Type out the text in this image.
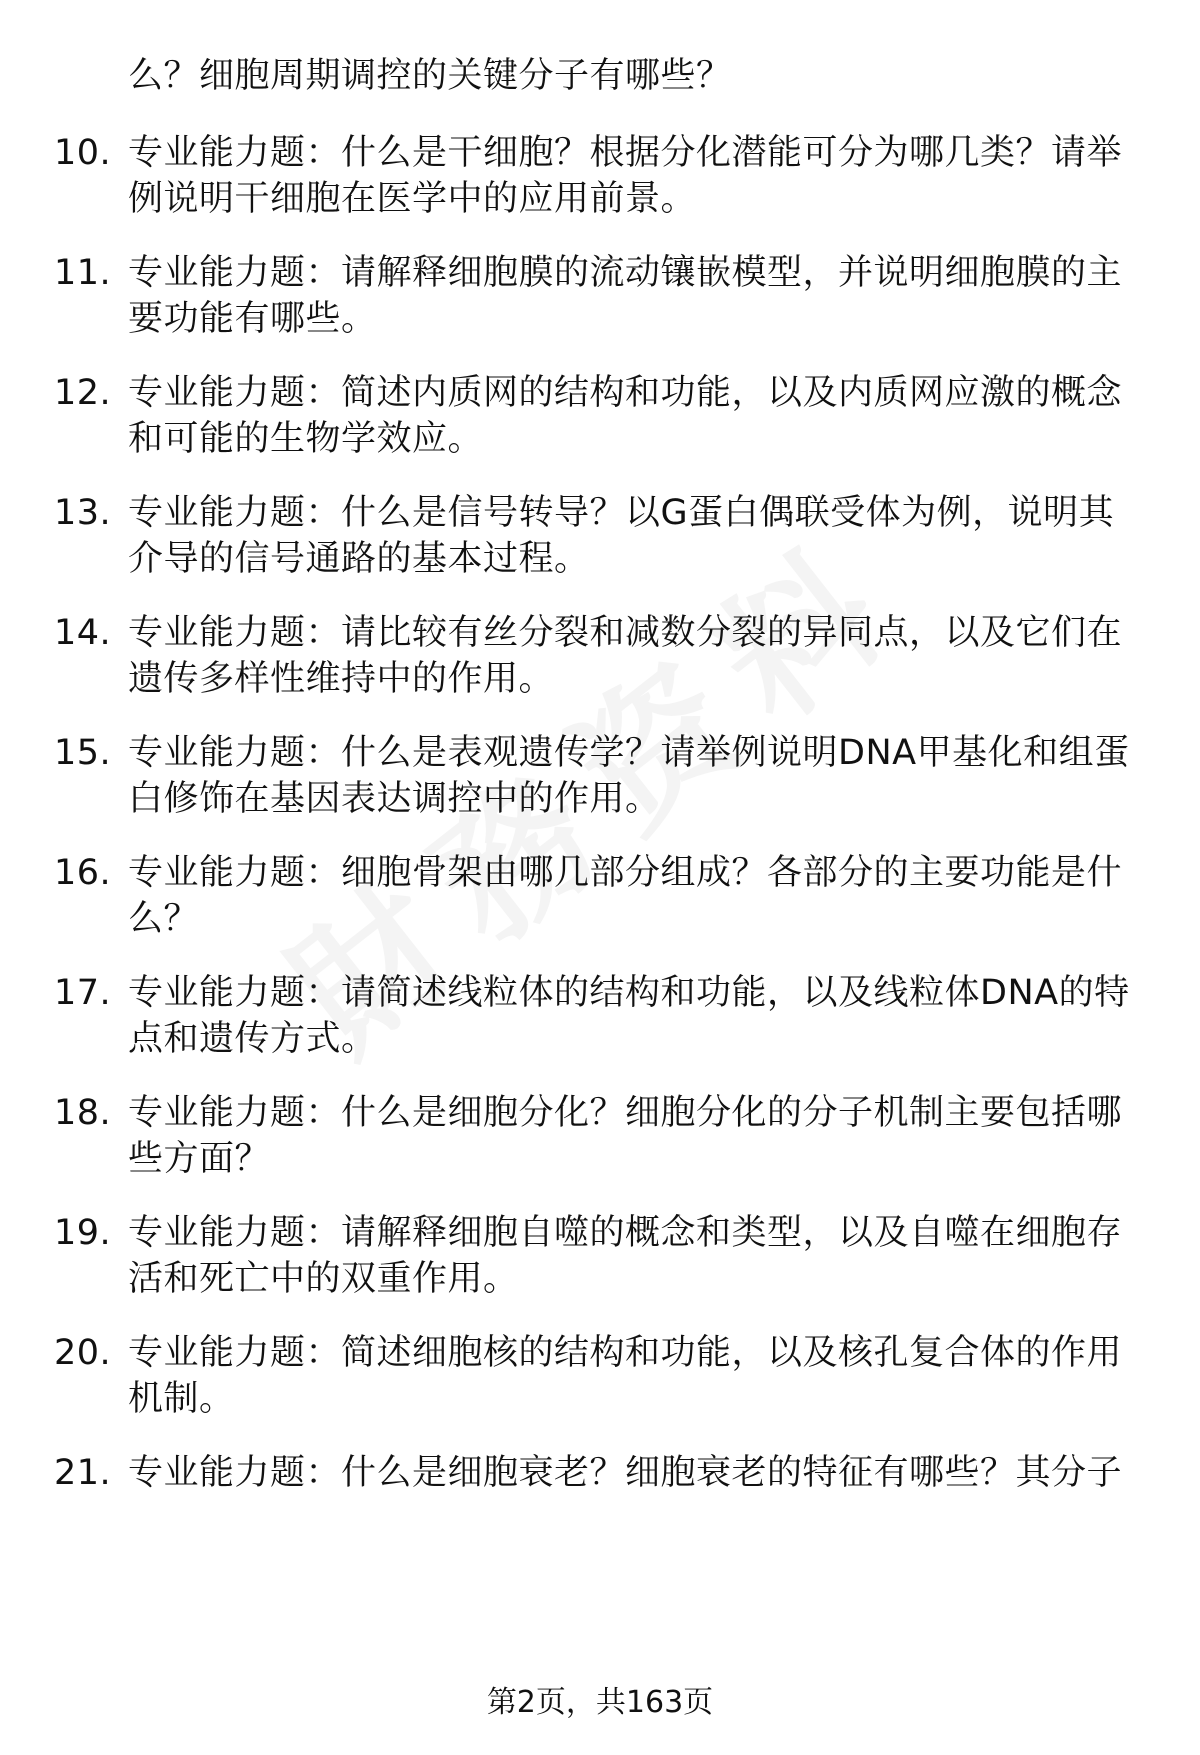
么？细胞周期调控的关键分子有哪些？
10. 专业能力题：什么是干细胞？根据分化潜能可分为哪几类？请举
例说明干细胞在医学中的应用前景。
11. 专业能力题：请解释细胞膜的流动镶嵌模型，并说明细胞膜的主
要功能有哪些。
12. 专业能力题：简述内质网的结构和功能，以及内质网应激的概念
和可能的生物学效应。
13. 专业能力题：什么是信号转导？以G蛋白偶联受体为例，说明其
介导的信号通路的基本过程。
14. 专业能力题：请比较有丝分裂和减数分裂的异同点，以及它们在
遗传多样性维持中的作用。
15. 专业能力题：什么是表观遗传学？请举例说明DNA甲基化和组蛋
白修饰在基因表达调控中的作用。
16. 专业能力题：细胞骨架由哪几部分组成？各部分的主要功能是什
么？
17. 专业能力题：请简述线粒体的结构和功能，以及线粒体DNA的特
点和遗传方式。
18. 专业能力题：什么是细胞分化？细胞分化的分子机制主要包括哪
些方面？
19. 专业能力题：请解释细胞自噬的概念和类型，以及自噬在细胞存
活和死亡中的双重作用。
20. 专业能力题：简述细胞核的结构和功能，以及核孔复合体的作用
机制。
21. 专业能力题：什么是细胞衰老？细胞衰老的特征有哪些？其分子
第2页，共163页
